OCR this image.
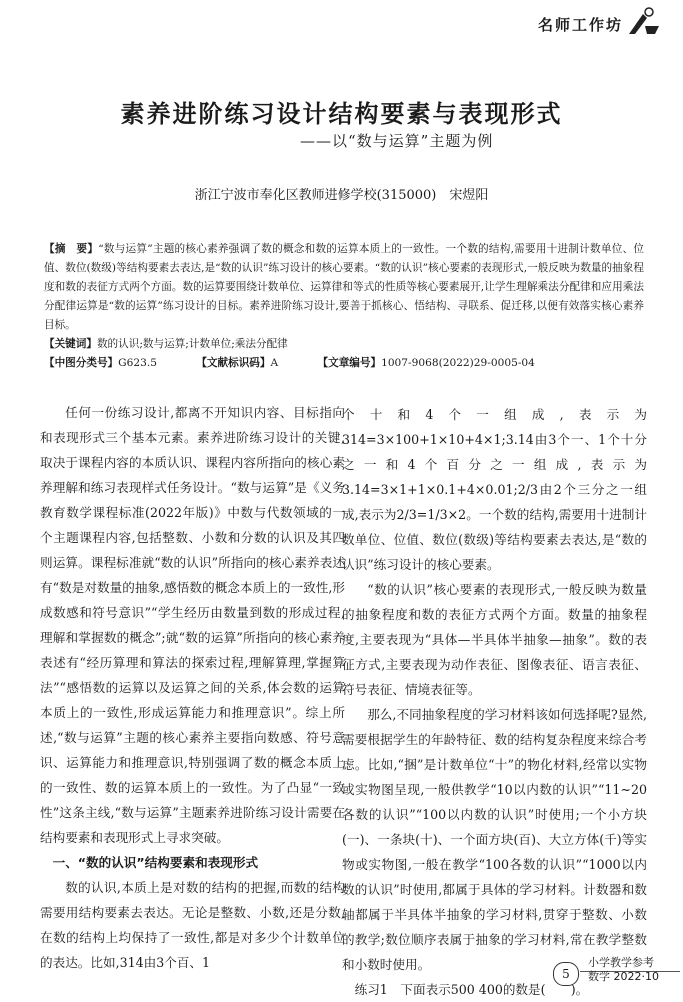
名师工作坊
素养进阶练习设计结构要素与表现形式
——以“数与运算”主题为例
浙江宁波市奉化区教师进修学校(315000)　宋煜阳
【摘　要】“数与运算”主题的核心素养强调了数的概念和数的运算本质上的一致性。一个数的结构,需要用十进制计数单位、位值、数位(数级)等结构要素去表达,是“数的认识”练习设计的核心要素。“数的认识”核心要素的表现形式,一般反映为数量的抽象程度和数的表征方式两个方面。数的运算要围绕计数单位、运算律和等式的性质等核心要素展开,让学生理解乘法分配律和应用乘法分配律运算是“数的运算”练习设计的目标。素养进阶练习设计,要善于抓核心、悟结构、寻联系、促迁移,以便有效落实核心素养目标。
【关键词】数的认识;数与运算;计数单位;乘法分配律
【中图分类号】G623.5	【文献标识码】A	【文章编号】1007-9068(2022)29-0005-04

任何一份练习设计,都离不开知识内容、目标指向和表现形式三个基本元素。素养进阶练习设计的关键,取决于课程内容的本质认识、课程内容所指向的核心素养理解和练习表现样式任务设计。“数与运算”是《义务教育数学课程标准(2022年版)》中数与代数领域的一个主题课程内容,包括整数、小数和分数的认识及其四则运算。课程标准就“数的认识”所指向的核心素养表述有“数是对数量的抽象,感悟数的概念本质上的一致性,形成数感和符号意识”“学生经历由数量到数的形成过程,理解和掌握数的概念”;就“数的运算”所指向的核心素养表述有“经历算理和算法的探索过程,理解算理,掌握算法”“感悟数的运算以及运算之间的关系,体会数的运算本质上的一致性,形成运算能力和推理意识”。综上所述,“数与运算”主题的核心素养主要指向数感、符号意识、运算能力和推理意识,特别强调了数的概念本质上的一致性、数的运算本质上的一致性。为了凸显“一致性”这条主线,“数与运算”主题素养进阶练习设计需要在结构要素和表现形式上寻求突破。

一、“数的认识”结构要素和表现形式

数的认识,本质上是对数的结构的把握,而数的结构需要用结构要素去表达。无论是整数、小数,还是分数,在数的结构上均保持了一致性,都是对多少个计数单位的表达。比如,314由3个百、1

个十和4个一组成,表示为314=3×100+1×10+4×1;3.14由3个一、1个十分之一和4个百分之一组成,表示为3.14=3×1+1×0.1+4×0.01;2/3由2个三分之一组成,表示为2/3=1/3×2。一个数的结构,需要用十进制计数单位、位值、数位(数级)等结构要素去表达,是“数的认识”练习设计的核心要素。

“数的认识”核心要素的表现形式,一般反映为数量的抽象程度和数的表征方式两个方面。数量的抽象程度,主要表现为“具体—半具体半抽象—抽象”。数的表征方式,主要表现为动作表征、图像表征、语言表征、符号表征、情境表征等。

那么,不同抽象程度的学习材料该如何选择呢?显然,需要根据学生的年龄特征、数的结构复杂程度来综合考虑。比如,“捆”是计数单位“十”的物化材料,经常以实物或实物图呈现,一般供教学“10以内数的认识”“11~20各数的认识”“100以内数的认识”时使用;一个小方块(一)、一条块(十)、一个面方块(百)、大立方体(千)等实物或实物图,一般在教学“100各数的认识”“1000以内数的认识”时使用,都属于具体的学习材料。计数器和数轴都属于半具体半抽象的学习材料,贯穿于整数、小数的教学;数位顺序表属于抽象的学习材料,常在教学整数和小数时使用。

练习1　下面表示500 400的数是(　　)。

5
小学教学参考
数学 2022·10
